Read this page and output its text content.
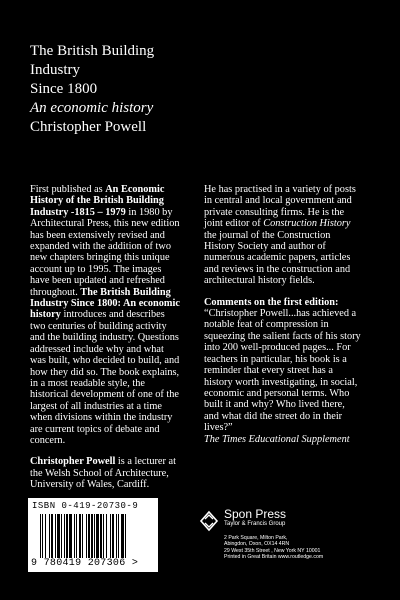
The British Building
Industry
Since 1800
An economic history
Christopher Powell

First published as An Economic History of the British Building Industry -1815 – 1979 in 1980 by Architectural Press, this new edition has been extensively revised and expanded with the addition of two new chapters bringing this unique account up to 1995. The images have been updated and refreshed throughout. The British Building Industry Since 1800: An economic history introduces and describes two centuries of building activity and the building industry. Questions addressed include why and what was built, who decided to build, and how they did so. The book explains, in a most readable style, the historical development of one of the largest of all industries at a time when divisions within the industry are current topics of debate and concern.

Christopher Powell is a lecturer at the Welsh School of Architecture, University of Wales, Cardiff.

He has practised in a variety of posts in central and local government and private consulting firms. He is the joint editor of Construction History the journal of the Construction History Society and author of numerous academic papers, articles and reviews in the construction and architectural history fields.

Comments on the first edition:

“Christopher Powell...has achieved a notable feat of compression in squeezing the salient facts of his story into 200 well-produced pages... For teachers in particular, his book is a reminder that every street has a history worth investigating, in social, economic and personal terms. Who built it and why? Who lived there, and what did the street do in their lives?”

The Times Educational Supplement

ISBN 0-419-20730-9
9 780419 207306 >
Spon Press
Taylor & Francis Group
2 Park Square, Milton Park,
Abingdon, Oxon, OX14 4RN
29 West 35th Street , New York NY 10001
Printed in Great Britain www.routledge.com
